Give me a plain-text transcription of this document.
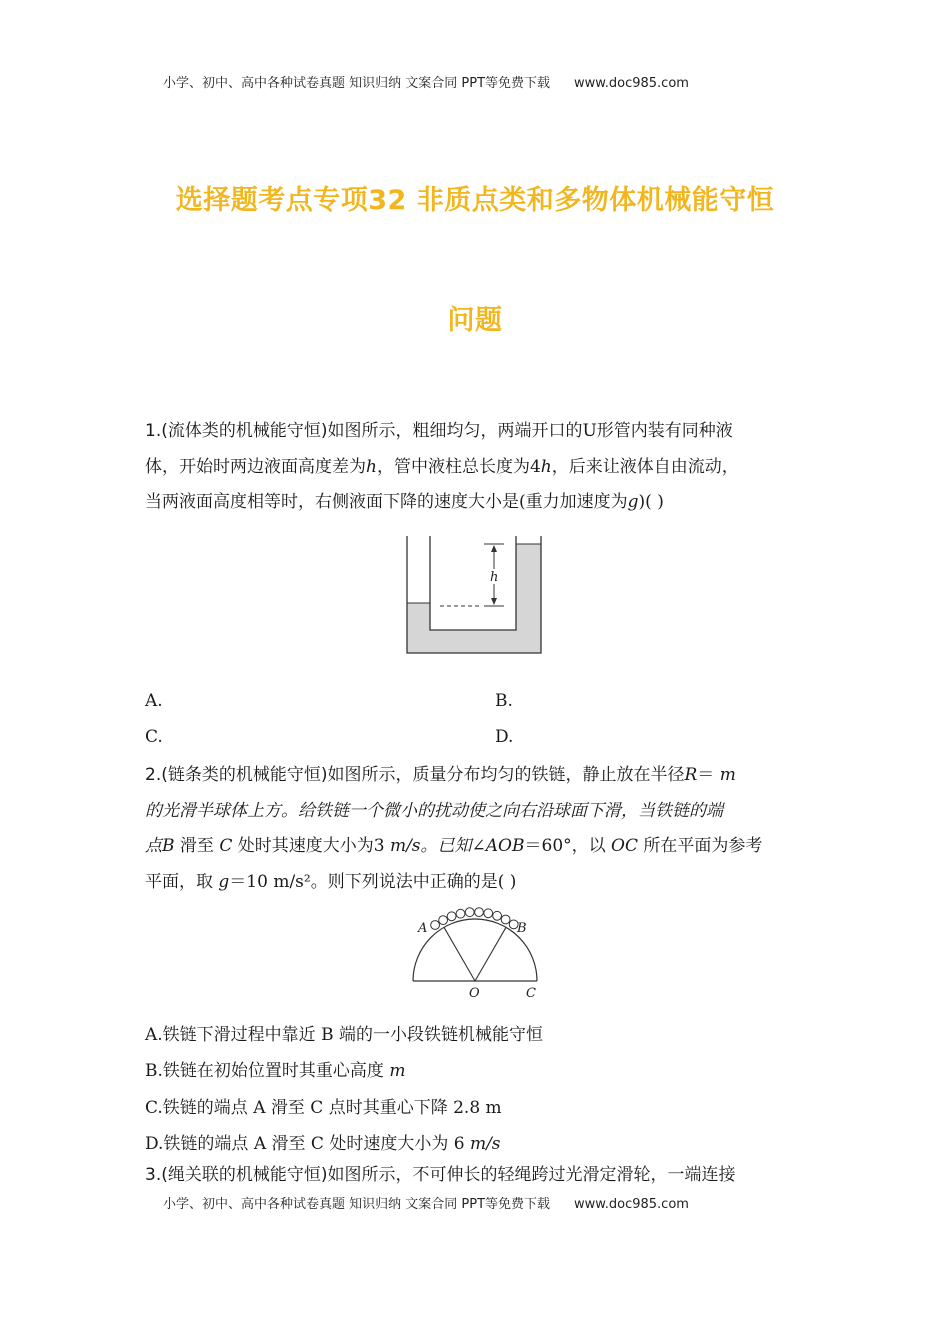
小学、初中、高中各种试卷真题 知识归纳 文案合同 PPT等免费下载 www.doc985.com
选择题考点专项32 非质点类和多物体机械能守恒
问题
1.(流体类的机械能守恒)如图所示，粗细均匀，两端开口的U形管内装有同种液
体，开始时两边液面高度差为h，管中液柱总长度为4h，后来让液体自由流动，
当两液面高度相等时，右侧液面下降的速度大小是(重力加速度为g)( )
h
A.	B.
C.	D.
2.(链条类的机械能守恒)如图所示，质量分布均匀的铁链，静止放在半径R＝ m
的光滑半球体上方。给铁链一个微小的扰动使之向右沿球面下滑，当铁链的端
点B 滑至 C 处时其速度大小为3 m/s。已知∠AOB＝60°，以 OC 所在平面为参考
平面，取 g＝10 m/s²。则下列说法中正确的是( )
A	B
O	C
A.铁链下滑过程中靠近 B 端的一小段铁链机械能守恒
B.铁链在初始位置时其重心高度 m
C.铁链的端点 A 滑至 C 点时其重心下降 2.8 m
D.铁链的端点 A 滑至 C 处时速度大小为 6 m/s
3.(绳关联的机械能守恒)如图所示，不可伸长的轻绳跨过光滑定滑轮，一端连接
小学、初中、高中各种试卷真题 知识归纳 文案合同 PPT等免费下载 www.doc985.com
